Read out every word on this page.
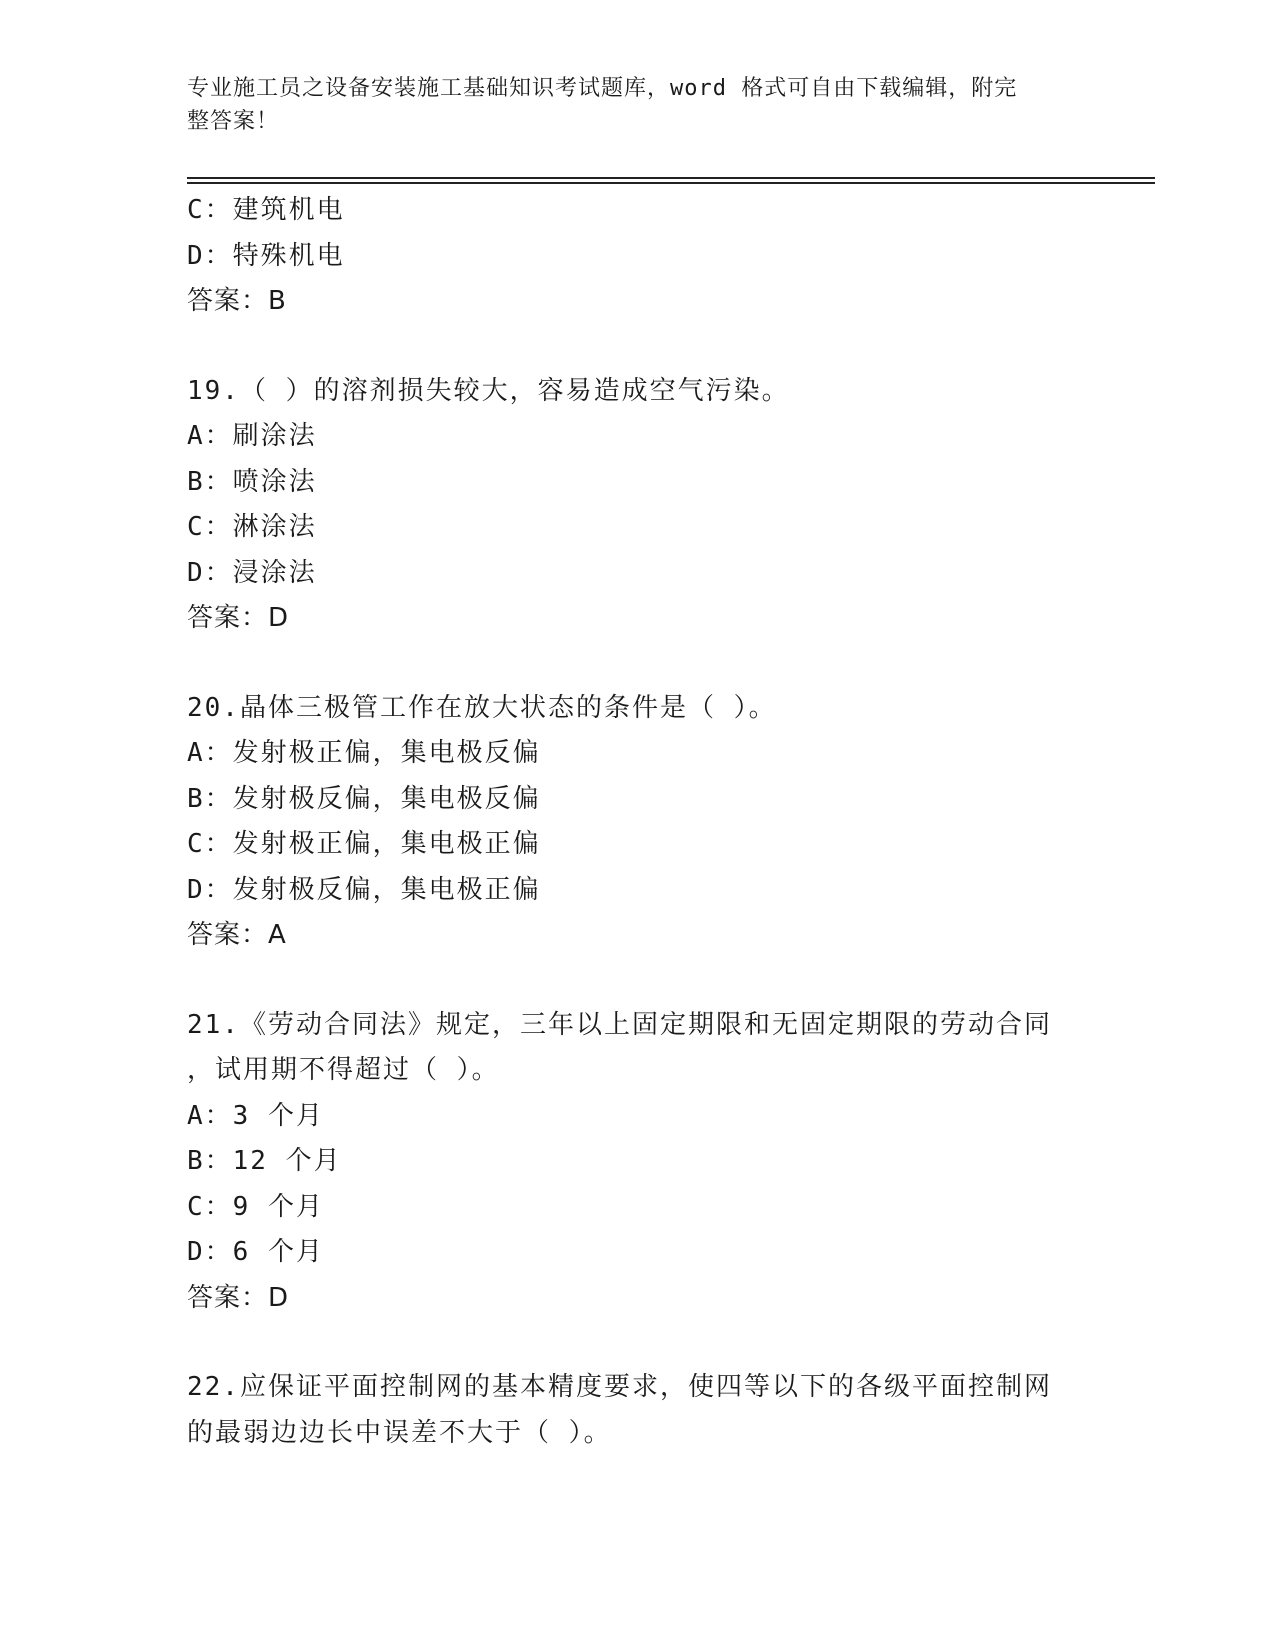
专业施工员之设备安装施工基础知识考试题库，word 格式可自由下载编辑，附完
整答案！
C：建筑机电
D：特殊机电
答案：B
19.（ ）的溶剂损失较大，容易造成空气污染。
A：刷涂法
B：喷涂法
C：淋涂法
D：浸涂法
答案：D
20.晶体三极管工作在放大状态的条件是（ ）。
A：发射极正偏，集电极反偏
B：发射极反偏，集电极反偏
C：发射极正偏，集电极正偏
D：发射极反偏，集电极正偏
答案：A
21.《劳动合同法》规定，三年以上固定期限和无固定期限的劳动合同
，试用期不得超过（ ）。
A：3 个月
B：12 个月
C：9 个月
D：6 个月
答案：D
22.应保证平面控制网的基本精度要求，使四等以下的各级平面控制网
的最弱边边长中误差不大于（ ）。
